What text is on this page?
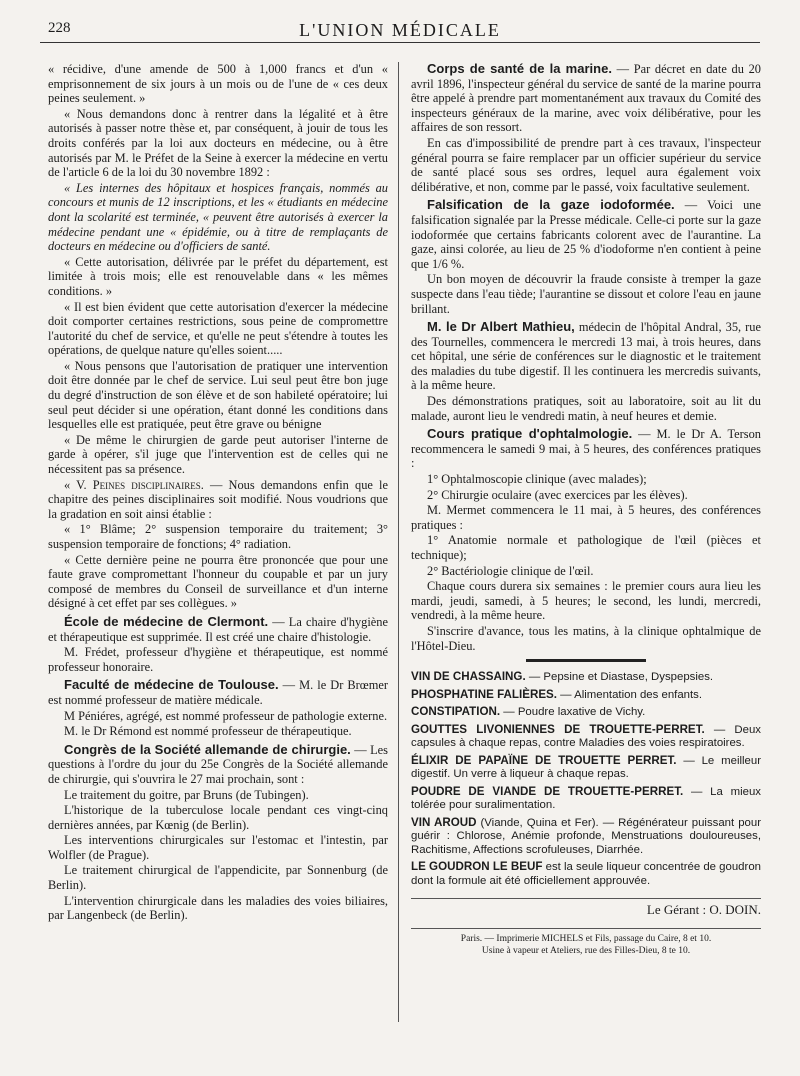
228	L'UNION MÉDICALE

« récidive, d'une amende de 500 à 1,000 francs et d'un « emprisonnement de six jours à un mois ou de l'une de « ces deux peines seulement. »

« Nous demandons donc à rentrer dans la légalité et à être autorisés à passer notre thèse et, par conséquent, à jouir de tous les droits conférés par la loi aux docteurs en médecine, ou à être autorisés par M. le Préfet de la Seine à exercer la médecine en vertu de l'article 6 de la loi du 30 novembre 1892 :

« Les internes des hôpitaux et hospices français, nommés au concours et munis de 12 inscriptions, et les « étudiants en médecine dont la scolarité est terminée, « peuvent être autorisés à exercer la médecine pendant une « épidémie, ou à titre de remplaçants de docteurs en médecine ou d'officiers de santé.

« Cette autorisation, délivrée par le préfet du département, est limitée à trois mois; elle est renouvelable dans « les mêmes conditions. »

« Il est bien évident que cette autorisation d'exercer la médecine doit comporter certaines restrictions, sous peine de compromettre l'autorité du chef de service, et qu'elle ne peut s'étendre à toutes les opérations, de quelque nature qu'elles soient.....

« Nous pensons que l'autorisation de pratiquer une intervention doit être donnée par le chef de service. Lui seul peut être bon juge du degré d'instruction de son élève et de son habileté opératoire; lui seul peut décider si une opération, étant donné les conditions dans lesquelles elle est pratiquée, peut être grave ou bénigne

« De même le chirurgien de garde peut autoriser l'interne de garde à opérer, s'il juge que l'intervention est de celles qui ne nécessitent pas sa présence.

« V. Peines disciplinaires. — Nous demandons enfin que le chapitre des peines disciplinaires soit modifié. Nous voudrions que la gradation en soit ainsi établie :

« 1° Blâme; 2° suspension temporaire du traitement; 3° suspension temporaire de fonctions; 4° radiation.

« Cette dernière peine ne pourra être prononcée que pour une faute grave compromettant l'honneur du coupable et par un jury composé de membres du Conseil de surveillance et d'un interne désigné à cet effet par ses collègues. »

École de médecine de Clermont. — La chaire d'hygiène et thérapeutique est supprimée. Il est créé une chaire d'histologie.

M. Frédet, professeur d'hygiène et thérapeutique, est nommé professeur honoraire.

Faculté de médecine de Toulouse. — M. le Dr Brœmer est nommé professeur de matière médicale.

M Péniéres, agrégé, est nommé professeur de pathologie externe.

M. le Dr Rémond est nommé professeur de thérapeutique.

Congrès de la Société allemande de chirurgie. — Les questions à l'ordre du jour du 25e Congrès de la Société allemande de chirurgie, qui s'ouvrira le 27 mai prochain, sont :

Le traitement du goitre, par Bruns (de Tubingen).

L'historique de la tuberculose locale pendant ces vingt-cinq dernières années, par Kœnig (de Berlin).

Les interventions chirurgicales sur l'estomac et l'intestin, par Wolfler (de Prague).

Le traitement chirurgical de l'appendicite, par Sonnenburg (de Berlin).

L'intervention chirurgicale dans les maladies des voies biliaires, par Langenbeck (de Berlin).

Corps de santé de la marine. — Par décret en date du 20 avril 1896, l'inspecteur général du service de santé de la marine pourra être appelé à prendre part momentanément aux travaux du Comité des inspecteurs généraux de la marine, avec voix délibérative, pour les affaires de son ressort.

En cas d'impossibilité de prendre part à ces travaux, l'inspecteur général pourra se faire remplacer par un officier supérieur du service de santé placé sous ses ordres, lequel aura également voix délibérative, et non, comme par le passé, voix facultative seulement.

Falsification de la gaze iodoformée. — Voici une falsification signalée par la Presse médicale. Celle-ci porte sur la gaze iodoformée que certains fabricants colorent avec de l'aurantine. La gaze, ainsi colorée, au lieu de 25 % d'iodoforme n'en contient à peine que 1/6 %.

Un bon moyen de découvrir la fraude consiste à tremper la gaze suspecte dans l'eau tiède; l'aurantine se dissout et colore l'eau en jaune brillant.

M. le Dr Albert Mathieu, médecin de l'hôpital Andral, 35, rue des Tournelles, commencera le mercredi 13 mai, à trois heures, dans cet hôpital, une série de conférences sur le diagnostic et le traitement des maladies du tube digestif. Il les continuera les mercredis suivants, à la même heure.

Des démonstrations pratiques, soit au laboratoire, soit au lit du malade, auront lieu le vendredi matin, à neuf heures et demie.

Cours pratique d'ophtalmologie. — M. le Dr A. Terson recommencera le samedi 9 mai, à 5 heures, des conférences pratiques :

1° Ophtalmoscopie clinique (avec malades);

2° Chirurgie oculaire (avec exercices par les élèves).

M. Mermet commencera le 11 mai, à 5 heures, des conférences pratiques :

1° Anatomie normale et pathologique de l'œil (pièces et technique);

2° Bactériologie clinique de l'œil.

Chaque cours durera six semaines : le premier cours aura lieu les mardi, jeudi, samedi, à 5 heures; le second, les lundi, mercredi, vendredi, à la même heure.

S'inscrire d'avance, tous les matins, à la clinique ophtalmique de l'Hôtel-Dieu.

VIN DE CHASSAING. — Pepsine et Diastase, Dyspepsies.
PHOSPHATINE FALIÈRES. — Alimentation des enfants.
CONSTIPATION. — Poudre laxative de Vichy.
GOUTTES LIVONIENNES DE TROUETTE-PERRET. — Deux capsules à chaque repas, contre Maladies des voies respiratoires.
ÉLIXIR DE PAPAÏNE DE TROUETTE PERRET. — Le meilleur digestif. Un verre à liqueur à chaque repas.
POUDRE DE VIANDE DE TROUETTE-PERRET. — La mieux tolérée pour suralimentation.
VIN AROUD (Viande, Quina et Fer). — Régénérateur puissant pour guérir : Chlorose, Anémie profonde, Menstruations douloureuses, Rachitisme, Affections scrofuleuses, Diarrhée.
LE GOUDRON LE BEUF est la seule liqueur concentrée de goudron dont la formule ait été officiellement approuvée.
Le Gérant : O. DOIN.
Paris. — Imprimerie MICHELS et Fils, passage du Caire, 8 et 10.
Usine à vapeur et Ateliers, rue des Filles-Dieu, 8 te 10.
